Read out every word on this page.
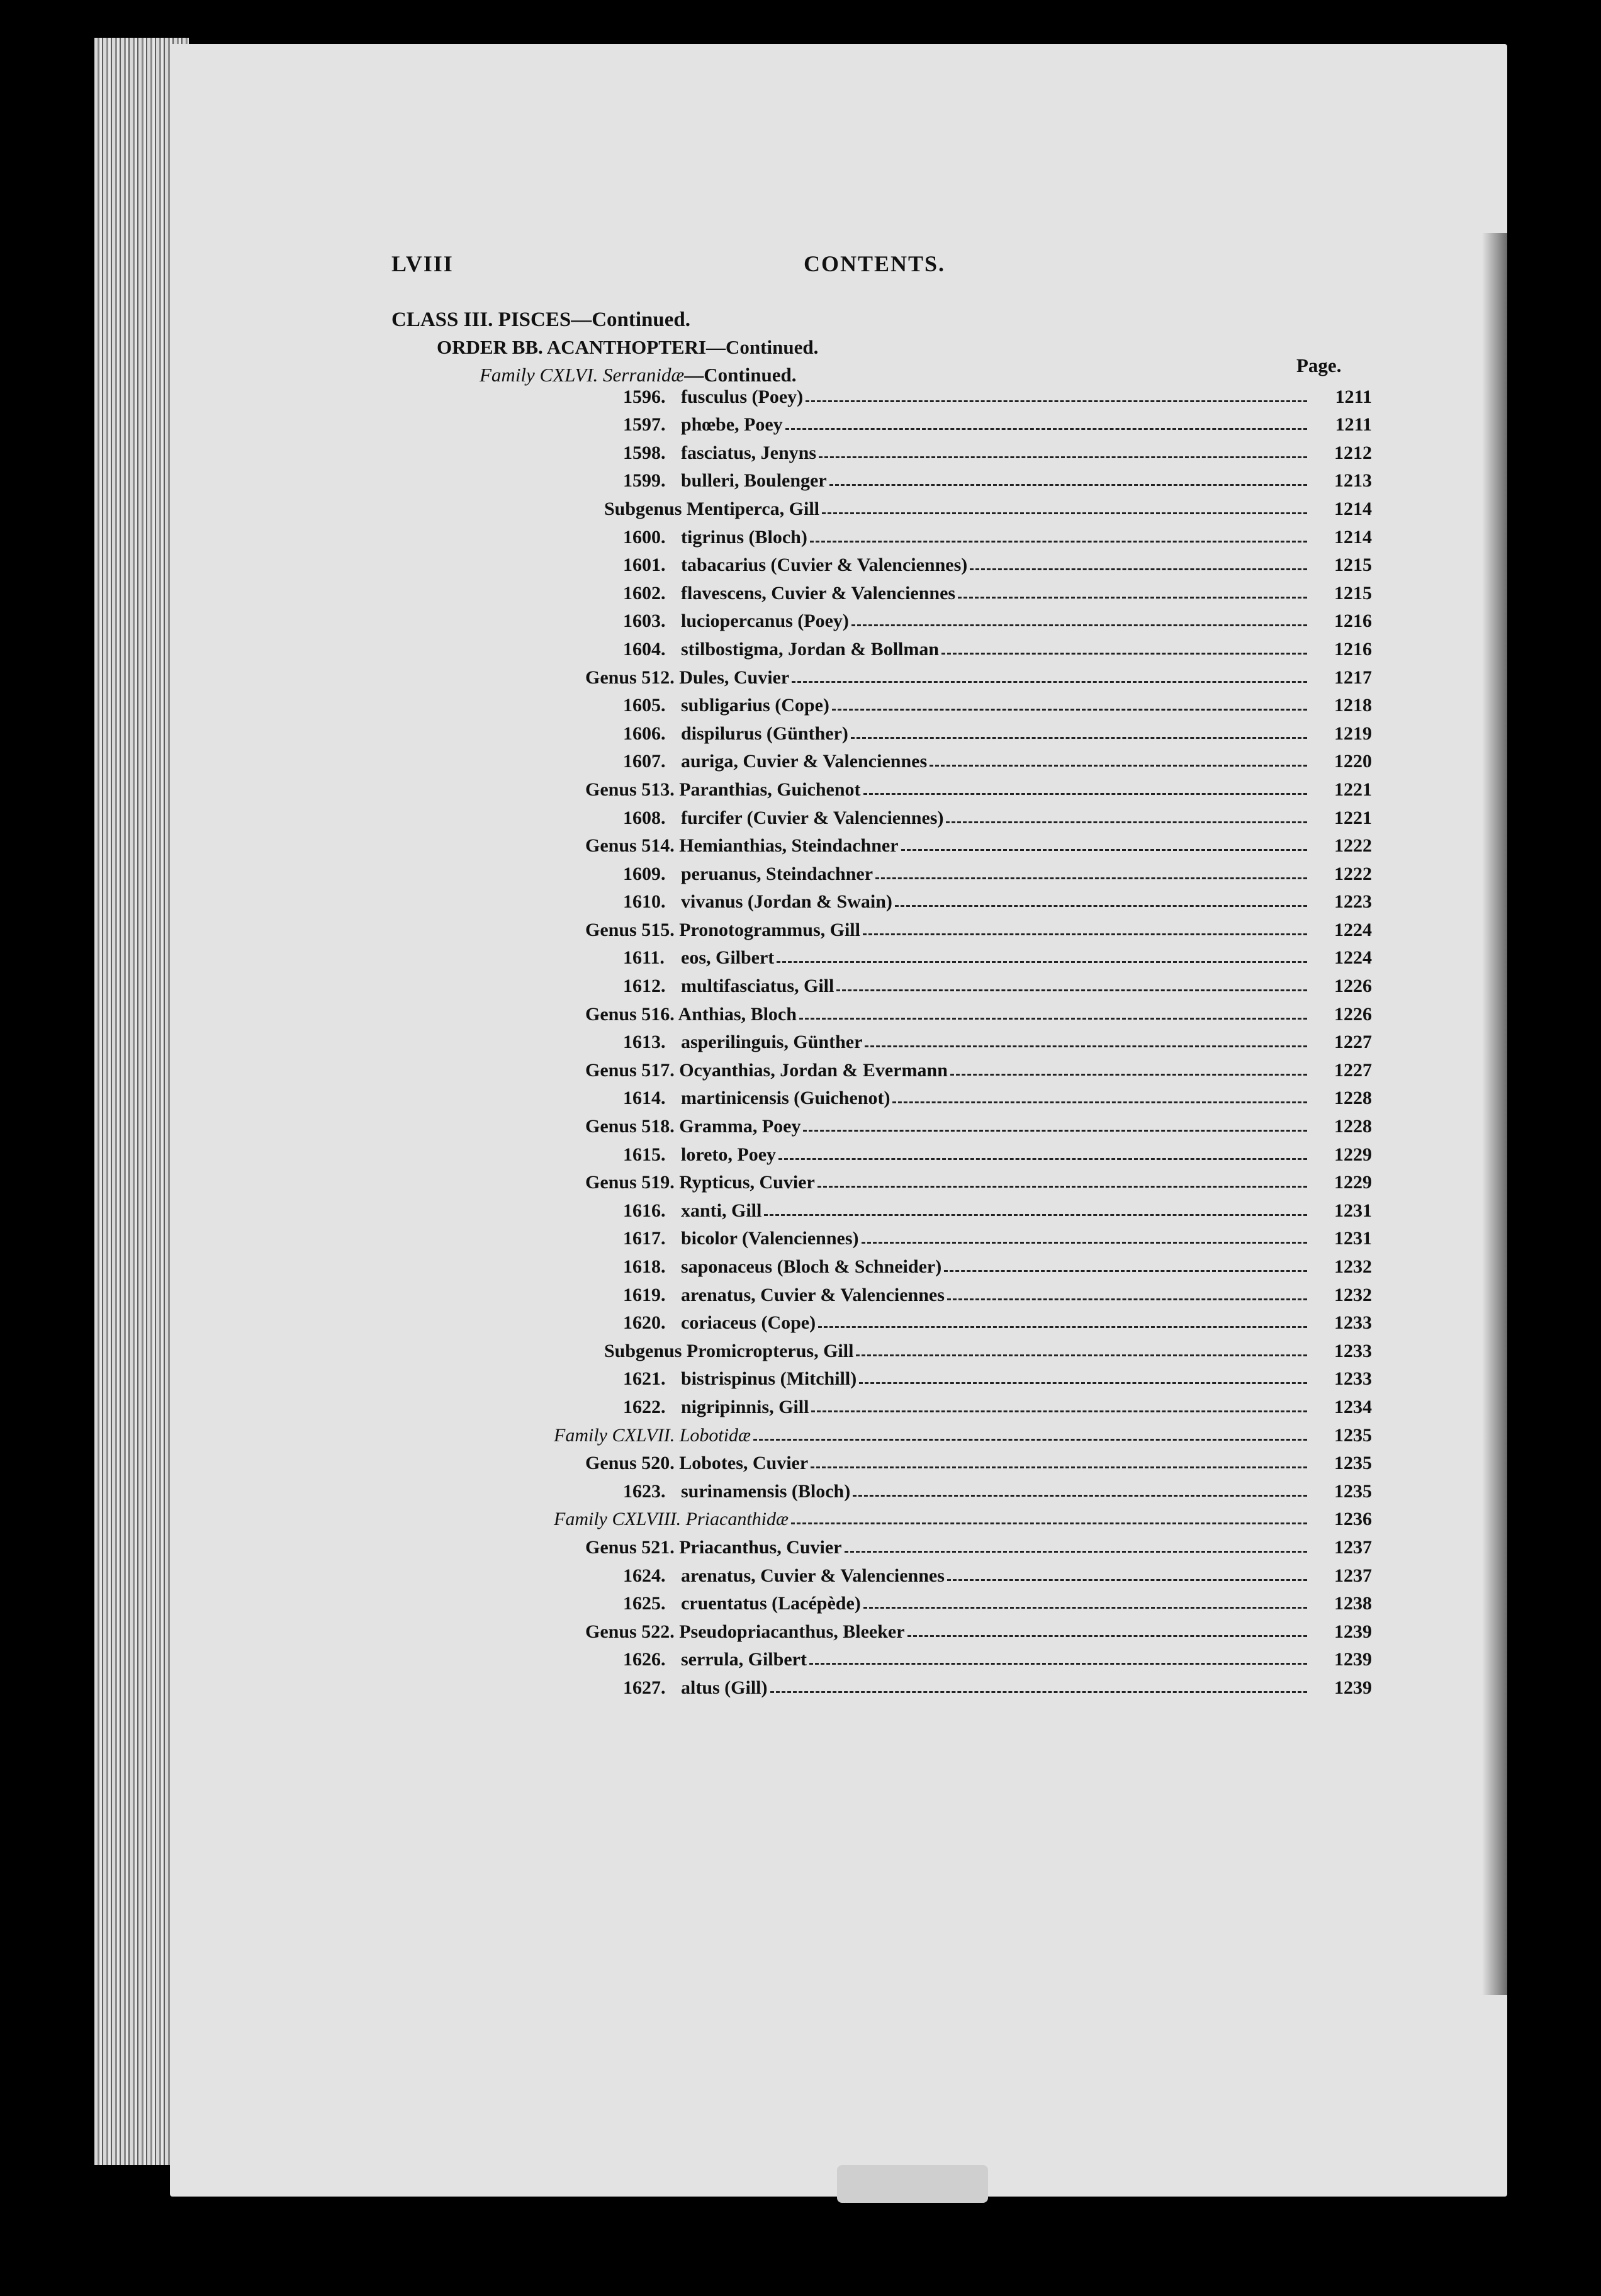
LVIII	CONTENTS.
CLASS III. PISCES—Continued.
ORDER BB. ACANTHOPTERI—Continued.
Family CXLVI. Serranidæ—Continued.	Page.
1596. fusculus (Poey)	1211
1597. phœbe, Poey	1211
1598. fasciatus, Jenyns	1212
1599. bulleri, Boulenger	1213
Subgenus Mentiperca, Gill	1214
1600. tigrinus (Bloch)	1214
1601. tabacarius (Cuvier & Valenciennes)	1215
1602. flavescens, Cuvier & Valenciennes	1215
1603. luciopercanus (Poey)	1216
1604. stilbostigma, Jordan & Bollman	1216
Genus 512. Dules, Cuvier	1217
1605. subligarius (Cope)	1218
1606. dispilurus (Günther)	1219
1607. auriga, Cuvier & Valenciennes	1220
Genus 513. Paranthias, Guichenot	1221
1608. furcifer (Cuvier & Valenciennes)	1221
Genus 514. Hemianthias, Steindachner	1222
1609. peruanus, Steindachner	1222
1610. vivanus (Jordan & Swain)	1223
Genus 515. Pronotogrammus, Gill	1224
1611. eos, Gilbert	1224
1612. multifasciatus, Gill	1226
Genus 516. Anthias, Bloch	1226
1613. asperilinguis, Günther	1227
Genus 517. Ocyanthias, Jordan & Evermann	1227
1614. martinicensis (Guichenot)	1228
Genus 518. Gramma, Poey	1228
1615. loreto, Poey	1229
Genus 519. Rypticus, Cuvier	1229
1616. xanti, Gill	1231
1617. bicolor (Valenciennes)	1231
1618. saponaceus (Bloch & Schneider)	1232
1619. arenatus, Cuvier & Valenciennes	1232
1620. coriaceus (Cope)	1233
Subgenus Promicropterus, Gill	1233
1621. bistrispinus (Mitchill)	1233
1622. nigripinnis, Gill	1234
Family CXLVII. Lobotidæ	1235
Genus 520. Lobotes, Cuvier	1235
1623. surinamensis (Bloch)	1235
Family CXLVIII. Priacanthidæ	1236
Genus 521. Priacanthus, Cuvier	1237
1624. arenatus, Cuvier & Valenciennes	1237
1625. cruentatus (Lacépède)	1238
Genus 522. Pseudopriacanthus, Bleeker	1239
1626. serrula, Gilbert	1239
1627. altus (Gill)	1239
